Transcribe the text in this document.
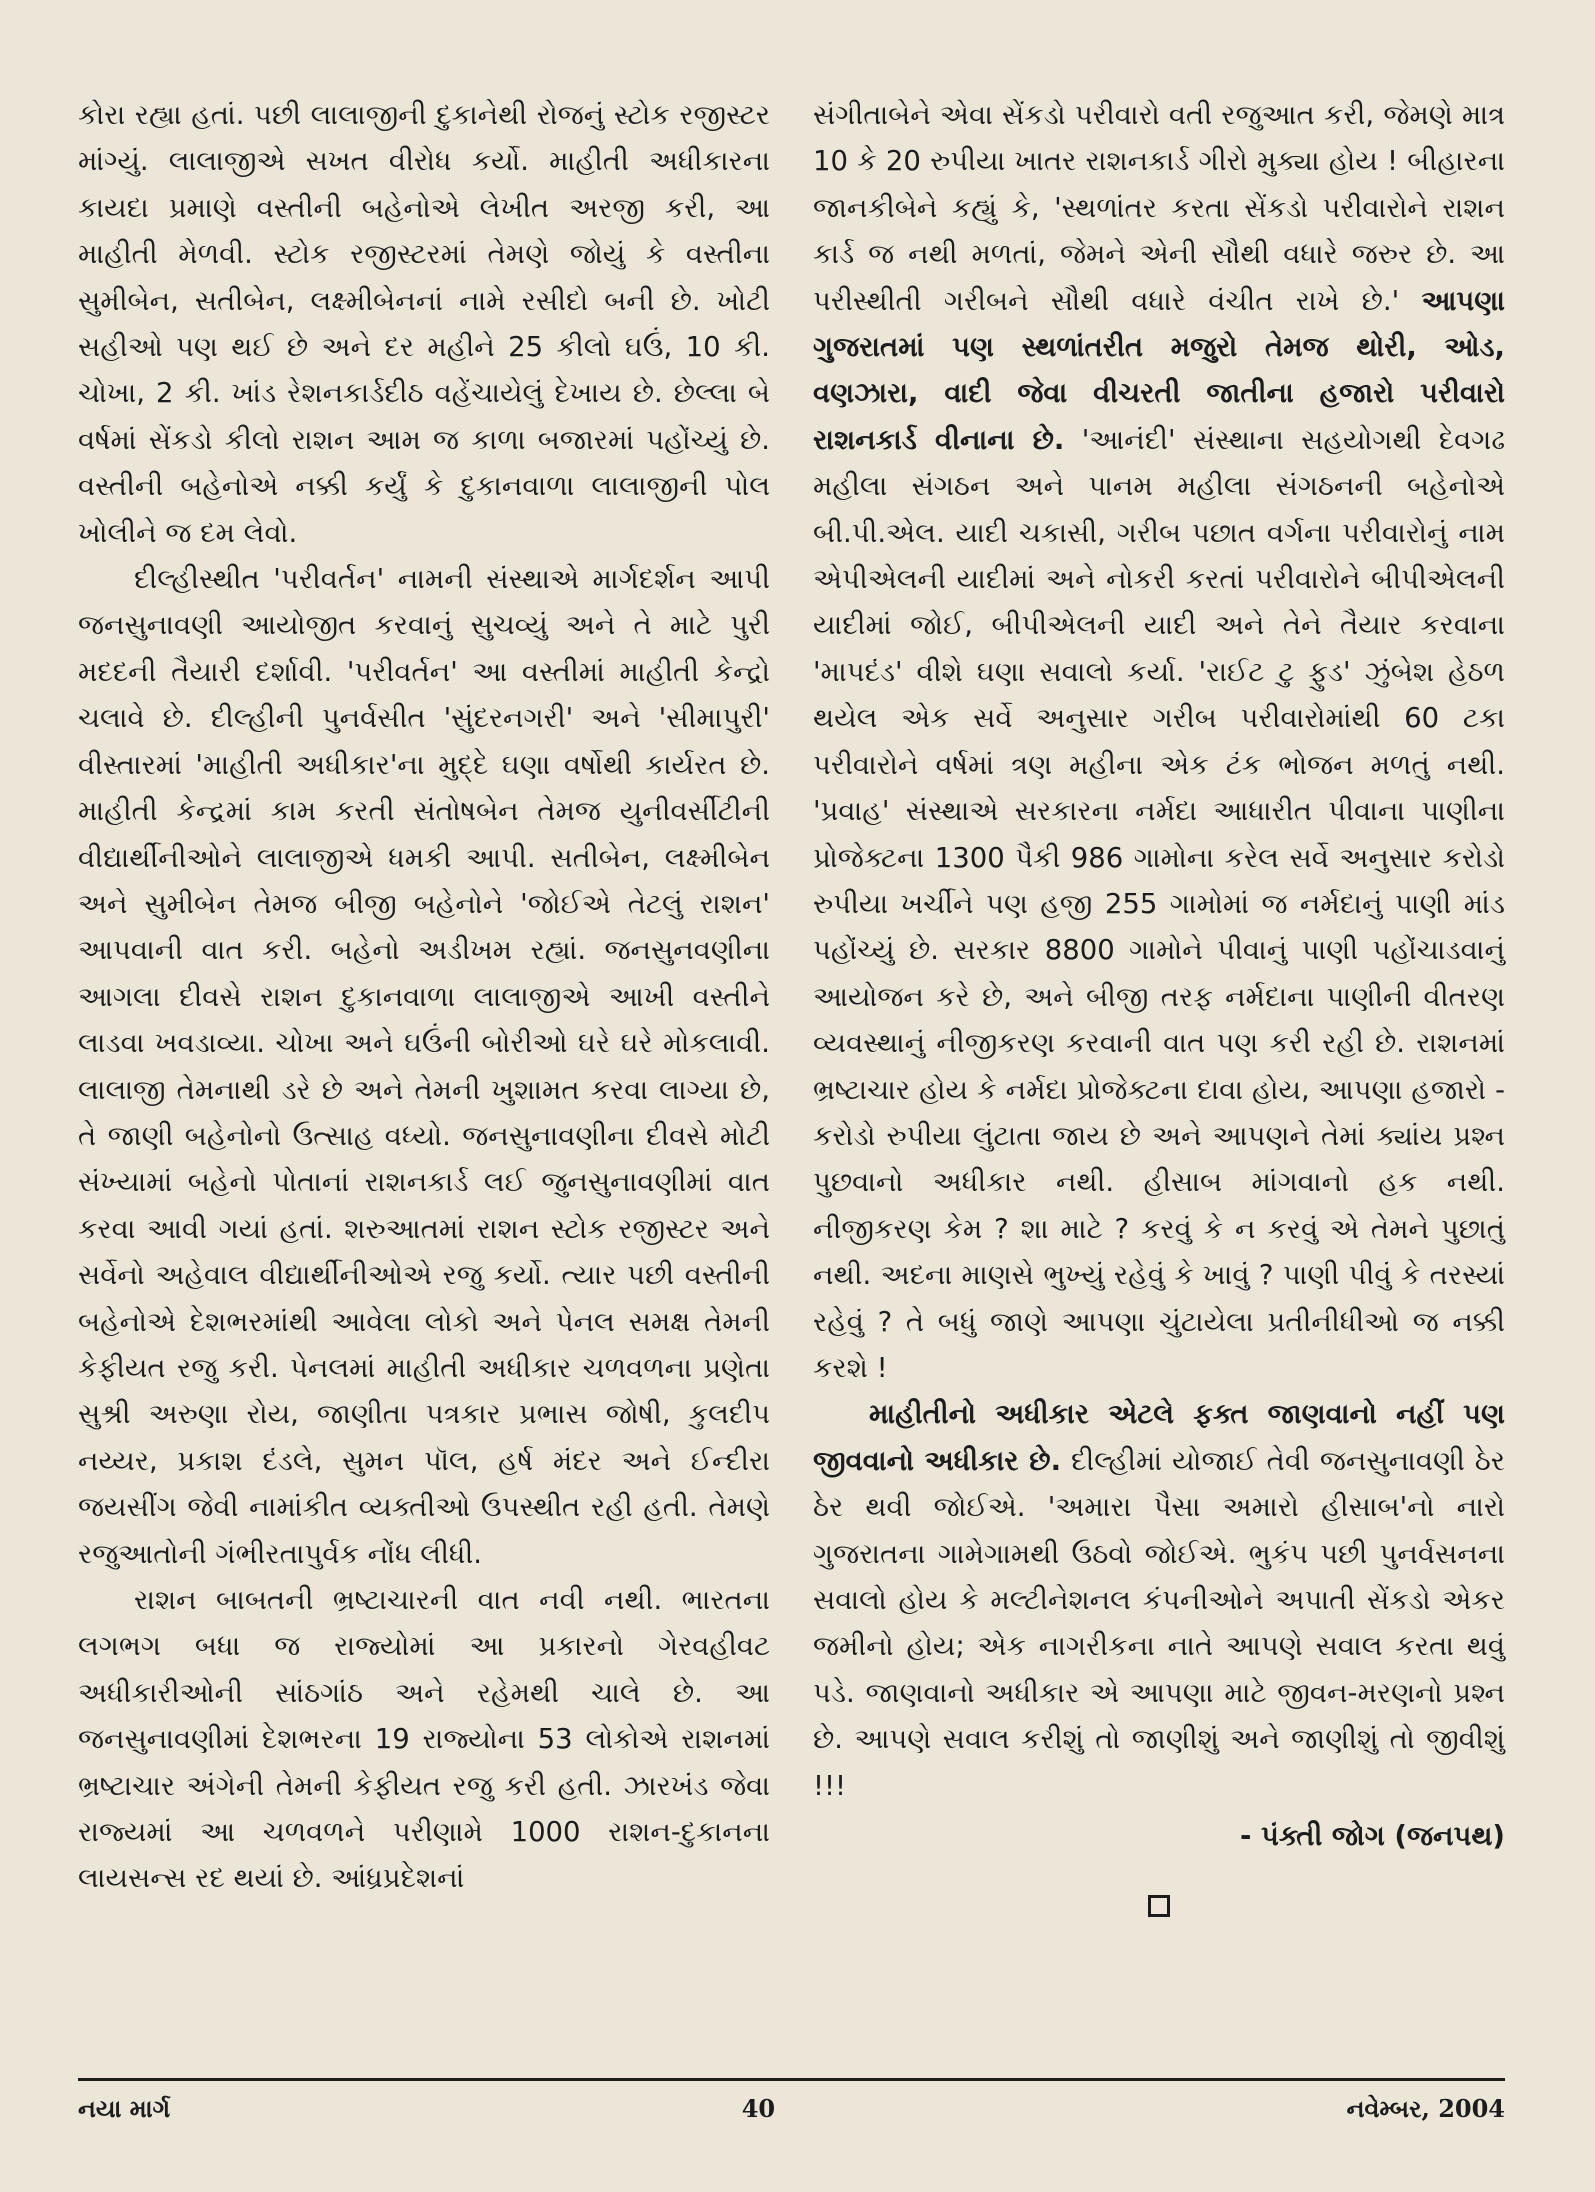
કોરા રહ્યા હતાં. પછી લાલાજીની દુકાનેથી રોજનું સ્ટોક રજીસ્ટર માંગ્યું. લાલાજીએ સખત વીરોધ કર્યો. માહીતી અધીકારના કાયદા પ્રમાણે વસ્તીની બહેનોએ લેખીત અરજી કરી, આ માહીતી મેળવી. સ્ટોક રજીસ્ટરમાં તેમણે જોયું કે વસ્તીના સુમીબેન, સતીબેન, લક્ષ્મીબેનનાં નામે રસીદો બની છે. ખોટી સહીઓ પણ થઈ છે અને દર મહીને 25 કીલો ઘઉં, 10 કી. ચોખા, 2 કી. ખાંડ રેશનકાર્ડદીઠ વહેંચાયેલું દેખાય છે. છેલ્લા બે વર્ષમાં સેંકડો કીલો રાશન આમ જ કાળા બજારમાં પહોંચ્યું છે. વસ્તીની બહેનોએ નક્કી કર્યું કે દુકાનવાળા લાલાજીની પોલ ખોલીને જ દમ લેવો.

દીલ્હીસ્થીત 'પરીવર્તન' નામની સંસ્થાએ માર્ગદર્શન આપી જનસુનાવણી આયોજીત કરવાનું સુચવ્યું અને તે માટે પુરી મદદની તૈયારી દર્શાવી. 'પરીવર્તન' આ વસ્તીમાં માહીતી કેન્દ્રો ચલાવે છે. દીલ્હીની પુનર્વસીત 'સુંદરનગરી' અને 'સીમાપુરી' વીસ્તારમાં 'માહીતી અધીકાર'ના મુદ્દે ઘણા વર્ષોથી કાર્યરત છે. માહીતી કેન્દ્રમાં કામ કરતી સંતોષબેન તેમજ યુનીવર્સીટીની વીદ્યાર્થીનીઓને લાલાજીએ ધમકી આપી. સતીબેન, લક્ષ્મીબેન અને સુમીબેન તેમજ બીજી બહેનોને 'જોઈએ તેટલું રાશન' આપવાની વાત કરી. બહેનો અડીખમ રહ્યાં. જનસુનવણીના આગલા દીવસે રાશન દુકાનવાળા લાલાજીએ આખી વસ્તીને લાડવા ખવડાવ્યા. ચોખા અને ઘઉંની બોરીઓ ઘરે ઘરે મોકલાવી. લાલાજી તેમનાથી ડરે છે અને તેમની ખુશામત કરવા લાગ્યા છે, તે જાણી બહેનોનો ઉત્સાહ વધ્યો. જનસુનાવણીના દીવસે મોટી સંખ્યામાં બહેનો પોતાનાં રાશનકાર્ડ લઈ જુનસુનાવણીમાં વાત કરવા આવી ગયાં હતાં. શરુઆતમાં રાશન સ્ટોક રજીસ્ટર અને સર્વેનો અહેવાલ વીદ્યાર્થીનીઓએ રજુ કર્યો. ત્યાર પછી વસ્તીની બહેનોએ દેશભરમાંથી આવેલા લોકો અને પેનલ સમક્ષ તેમની કેફીયત રજુ કરી. પેનલમાં માહીતી અધીકાર ચળવળના પ્રણેતા સુશ્રી અરુણા રોય, જાણીતા પત્રકાર પ્રભાસ જોષી, કુલદીપ નય્યર, પ્રકાશ દંડલે, સુમન પૉલ, હર્ષ મંદર અને ઈન્દીરા જયસીંગ જેવી નામાંકીત વ્યક્તીઓ ઉપસ્થીત રહી હતી. તેમણે રજુઆતોની ગંભીરતાપુર્વક નોંધ લીધી.

રાશન બાબતની ભ્રષ્ટાચારની વાત નવી નથી. ભારતના લગભગ બધા જ રાજ્યોમાં આ પ્રકારનો ગેરવહીવટ અધીકારીઓની સાંઠગાંઠ અને રહેમથી ચાલે છે. આ જનસુનાવણીમાં દેશભરના 19 રાજ્યોના 53 લોકોએ રાશનમાં ભ્રષ્ટાચાર અંગેની તેમની કેફીયત રજુ કરી હતી. ઝારખંડ જેવા રાજ્યમાં આ ચળવળને પરીણામે 1000 રાશન-દુકાનના લાયસન્સ રદ થયાં છે. આંધ્રપ્રદેશનાં

સંગીતાબેને એવા સેંકડો પરીવારો વતી રજુઆત કરી, જેમણે માત્ર 10 કે 20 રુપીયા ખાતર રાશનકાર્ડ ગીરો મુક્યા હોય ! બીહારના જાનકીબેને કહ્યું કે, 'સ્થળાંતર કરતા સેંકડો પરીવારોને રાશન કાર્ડ જ નથી મળતાં, જેમને એની સૌથી વધારે જરુર છે. આ પરીસ્થીતી ગરીબને સૌથી વધારે વંચીત રાખે છે.' આપણા ગુજરાતમાં પણ સ્થળાંતરીત મજુરો તેમજ થોરી, ઓડ, વણઝારા, વાદી જેવા વીચરતી જાતીના હજારો પરીવારો રાશનકાર્ડ વીનાના છે. 'આનંદી' સંસ્થાના સહયોગથી દેવગઢ મહીલા સંગઠન અને પાનમ મહીલા સંગઠનની બહેનોએ બી.પી.એલ. યાદી ચકાસી, ગરીબ પછાત વર્ગના પરીવારોનું નામ એપીએલની યાદીમાં અને નોકરી કરતાં પરીવારોને બીપીએલની યાદીમાં જોઈ, બીપીએલની યાદી અને તેને તૈયાર કરવાના 'માપદંડ' વીશે ઘણા સવાલો કર્યા. 'રાઈટ ટુ ફુડ' ઝુંબેશ હેઠળ થયેલ એક સર્વે અનુસાર ગરીબ પરીવારોમાંથી 60 ટકા પરીવારોને વર્ષમાં ત્રણ મહીના એક ટંક ભોજન મળતું નથી. 'પ્રવાહ' સંસ્થાએ સરકારના નર્મદા આધારીત પીવાના પાણીના પ્રોજેક્ટના 1300 પૈકી 986 ગામોના કરેલ સર્વે અનુસાર કરોડો રુપીયા ખર્ચીને પણ હજી 255 ગામોમાં જ નર્મદાનું પાણી માંડ પહોંચ્યું છે. સરકાર 8800 ગામોને પીવાનું પાણી પહોંચાડવાનું આયોજન કરે છે, અને બીજી તરફ નર્મદાના પાણીની વીતરણ વ્યવસ્થાનું નીજીકરણ કરવાની વાત પણ કરી રહી છે. રાશનમાં ભ્રષ્ટાચાર હોય કે નર્મદા પ્રોજેક્ટના દાવા હોય, આપણા હજારો - કરોડો રુપીયા લુંટાતા જાય છે અને આપણને તેમાં ક્યાંય પ્રશ્ન પુછવાનો અધીકાર નથી. હીસાબ માંગવાનો હક નથી. નીજીકરણ કેમ ? શા માટે ? કરવું કે ન કરવું એ તેમને પુછાતું નથી. અદના માણસે ભુખ્યું રહેવું કે ખાવું ? પાણી પીવું કે તરસ્યાં રહેવું ? તે બધું જાણે આપણા ચુંટાયેલા પ્રતીનીધીઓ જ નક્કી કરશે !

માહીતીનો અધીકાર એટલે ફક્ત જાણવાનો નહીં પણ જીવવાનો અધીકાર છે. દીલ્હીમાં યોજાઈ તેવી જનસુનાવણી ઠેર ઠેર થવી જોઈએ. 'અમારા પૈસા અમારો હીસાબ'નો નારો ગુજરાતના ગામેગામથી ઉઠવો જોઈએ. ભુકંપ પછી પુનર્વસનના સવાલો હોય કે મલ્ટીનેશનલ કંપનીઓને અપાતી સેંકડો એકર જમીનો હોય; એક નાગરીકના નાતે આપણે સવાલ કરતા થવું પડે. જાણવાનો અધીકાર એ આપણા માટે જીવન-મરણનો પ્રશ્ન છે. આપણે સવાલ કરીશું તો જાણીશું અને જાણીશું તો જીવીશું !!!

- પંક્તી જોગ (જનપથ)
નયા માર્ગ	40	નવેમ્બર, 2004
